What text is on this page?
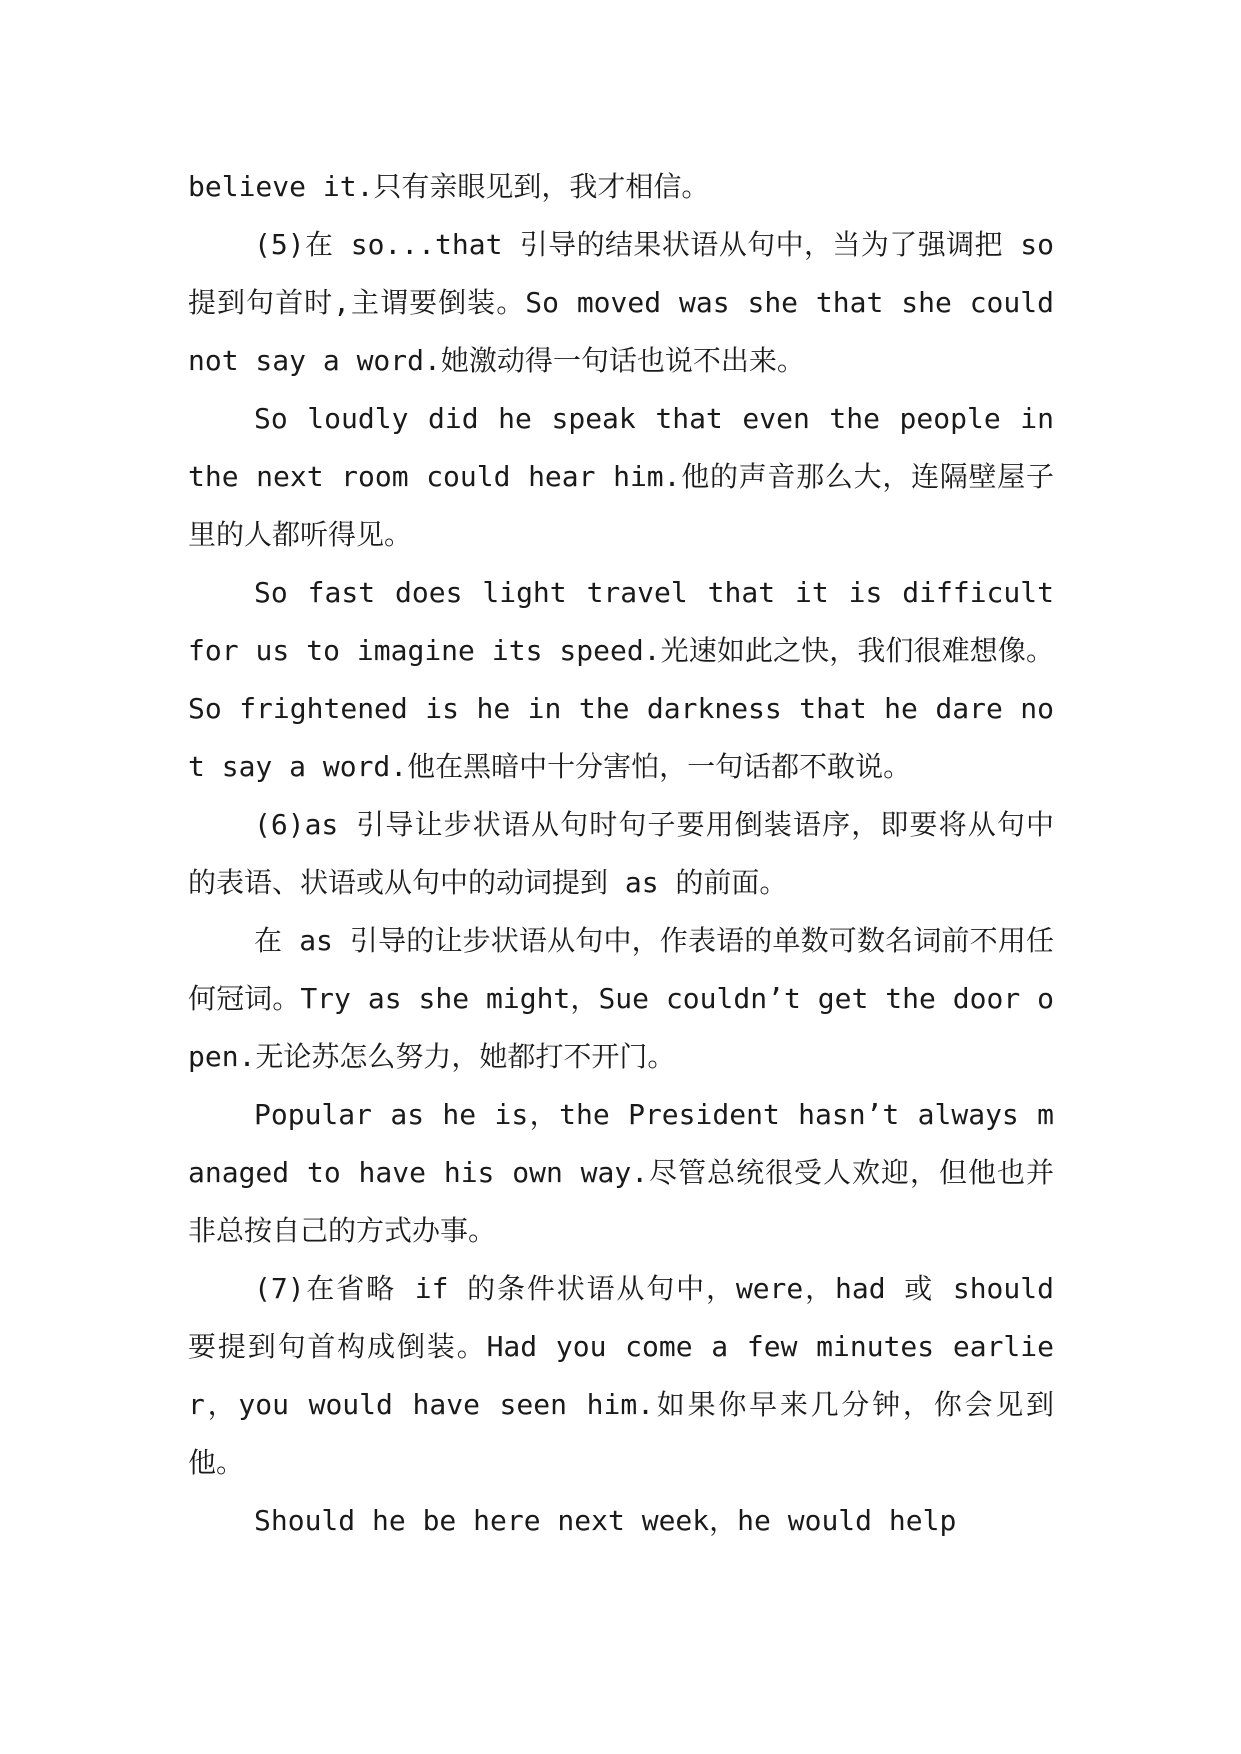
believe it.只有亲眼见到，我才相信。

(5)在 so...that 引导的结果状语从句中，当为了强调把 so 提到句首时,主谓要倒装。So moved was she that she could not say a word.她激动得一句话也说不出来。

So loudly did he speak that even the people in the next room could hear him.他的声音那么大，连隔壁屋子里的人都听得见。

So fast does light travel that it is difficult for us to imagine its speed.光速如此之快，我们很难想像。So frightened is he in the darkness that he dare not say a word.他在黑暗中十分害怕，一句话都不敢说。

(6)as 引导让步状语从句时句子要用倒装语序，即要将从句中的表语、状语或从句中的动词提到 as 的前面。

在 as 引导的让步状语从句中，作表语的单数可数名词前不用任何冠词。Try as she might，Sue couldn’t get the door open.无论苏怎么努力，她都打不开门。

Popular as he is，the President hasn’t always managed to have his own way.尽管总统很受人欢迎，但他也并非总按自己的方式办事。

(7)在省略 if 的条件状语从句中，were，had 或 should 要提到句首构成倒装。Had you come a few minutes earlier，you would have seen him.如果你早来几分钟，你会见到他。

Should he be here next week，he would help
